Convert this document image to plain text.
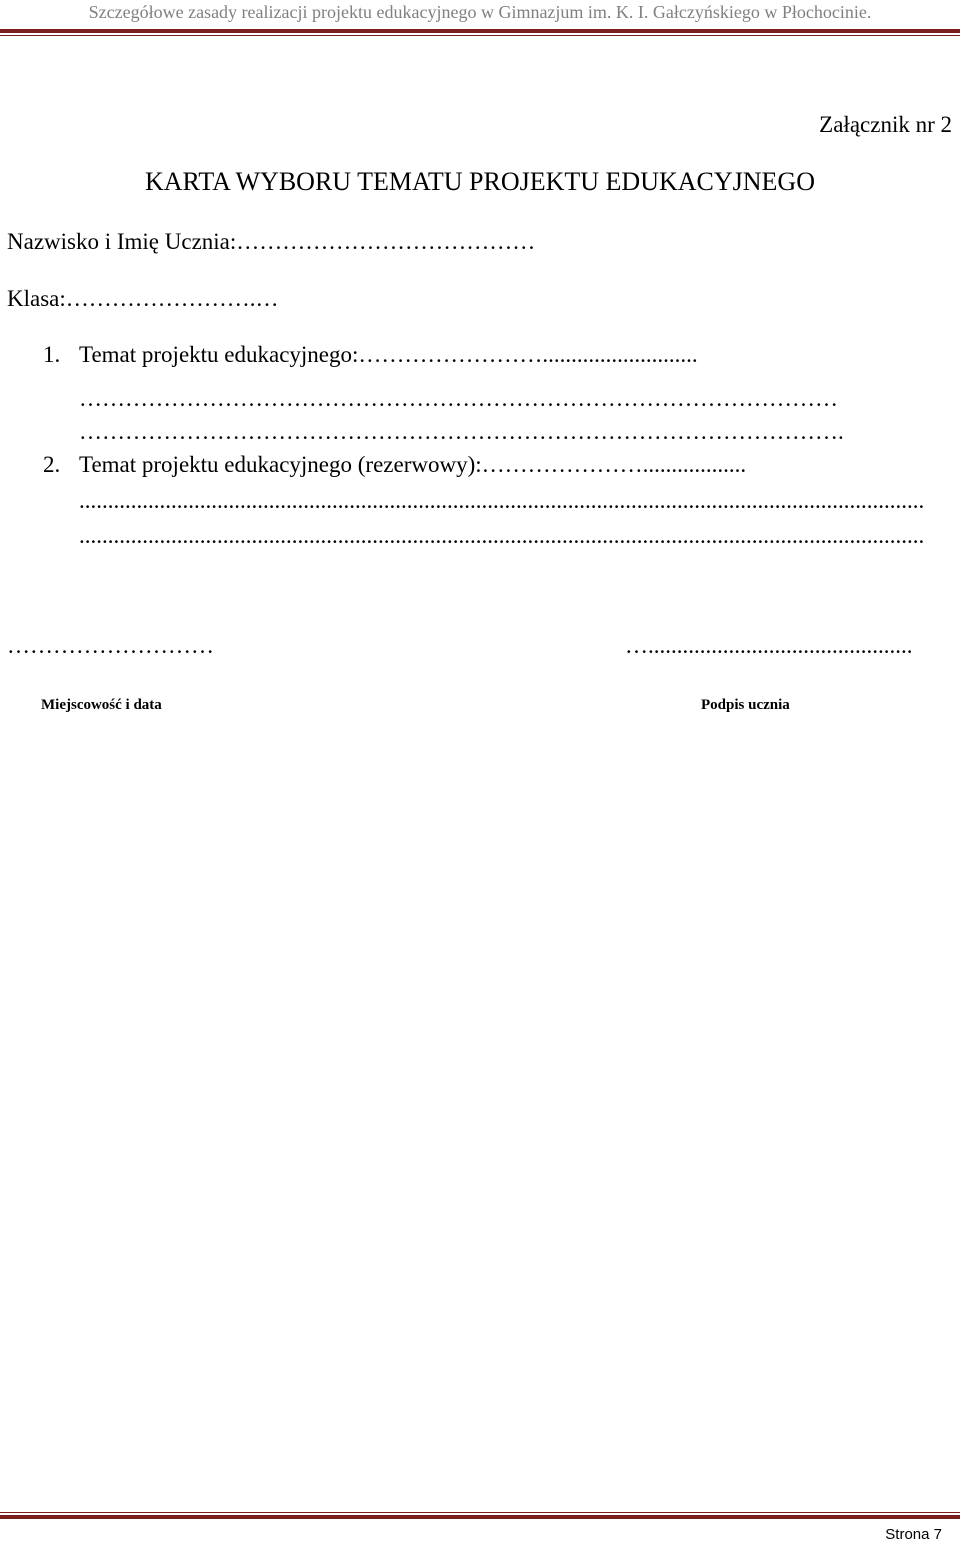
Szczegółowe zasady realizacji projektu edukacyjnego w Gimnazjum im. K. I. Gałczyńskiego w Płochocinie.
Załącznik nr 2
KARTA WYBORU TEMATU PROJEKTU EDUKACYJNEGO
Nazwisko i Imię Ucznia:…………………………………
Klasa:…………………….…
1. Temat projektu edukacyjnego:……………………...........................
………………………………………………………………………………………
……………………………………………………………………………………….
2. Temat projektu edukacyjnego (rezerwowy):…………………..................
...................................................................................................................................................
...................................................................................................................................................
………………………	…..............................................
Miejscowość i data	Podpis ucznia
Strona 7
